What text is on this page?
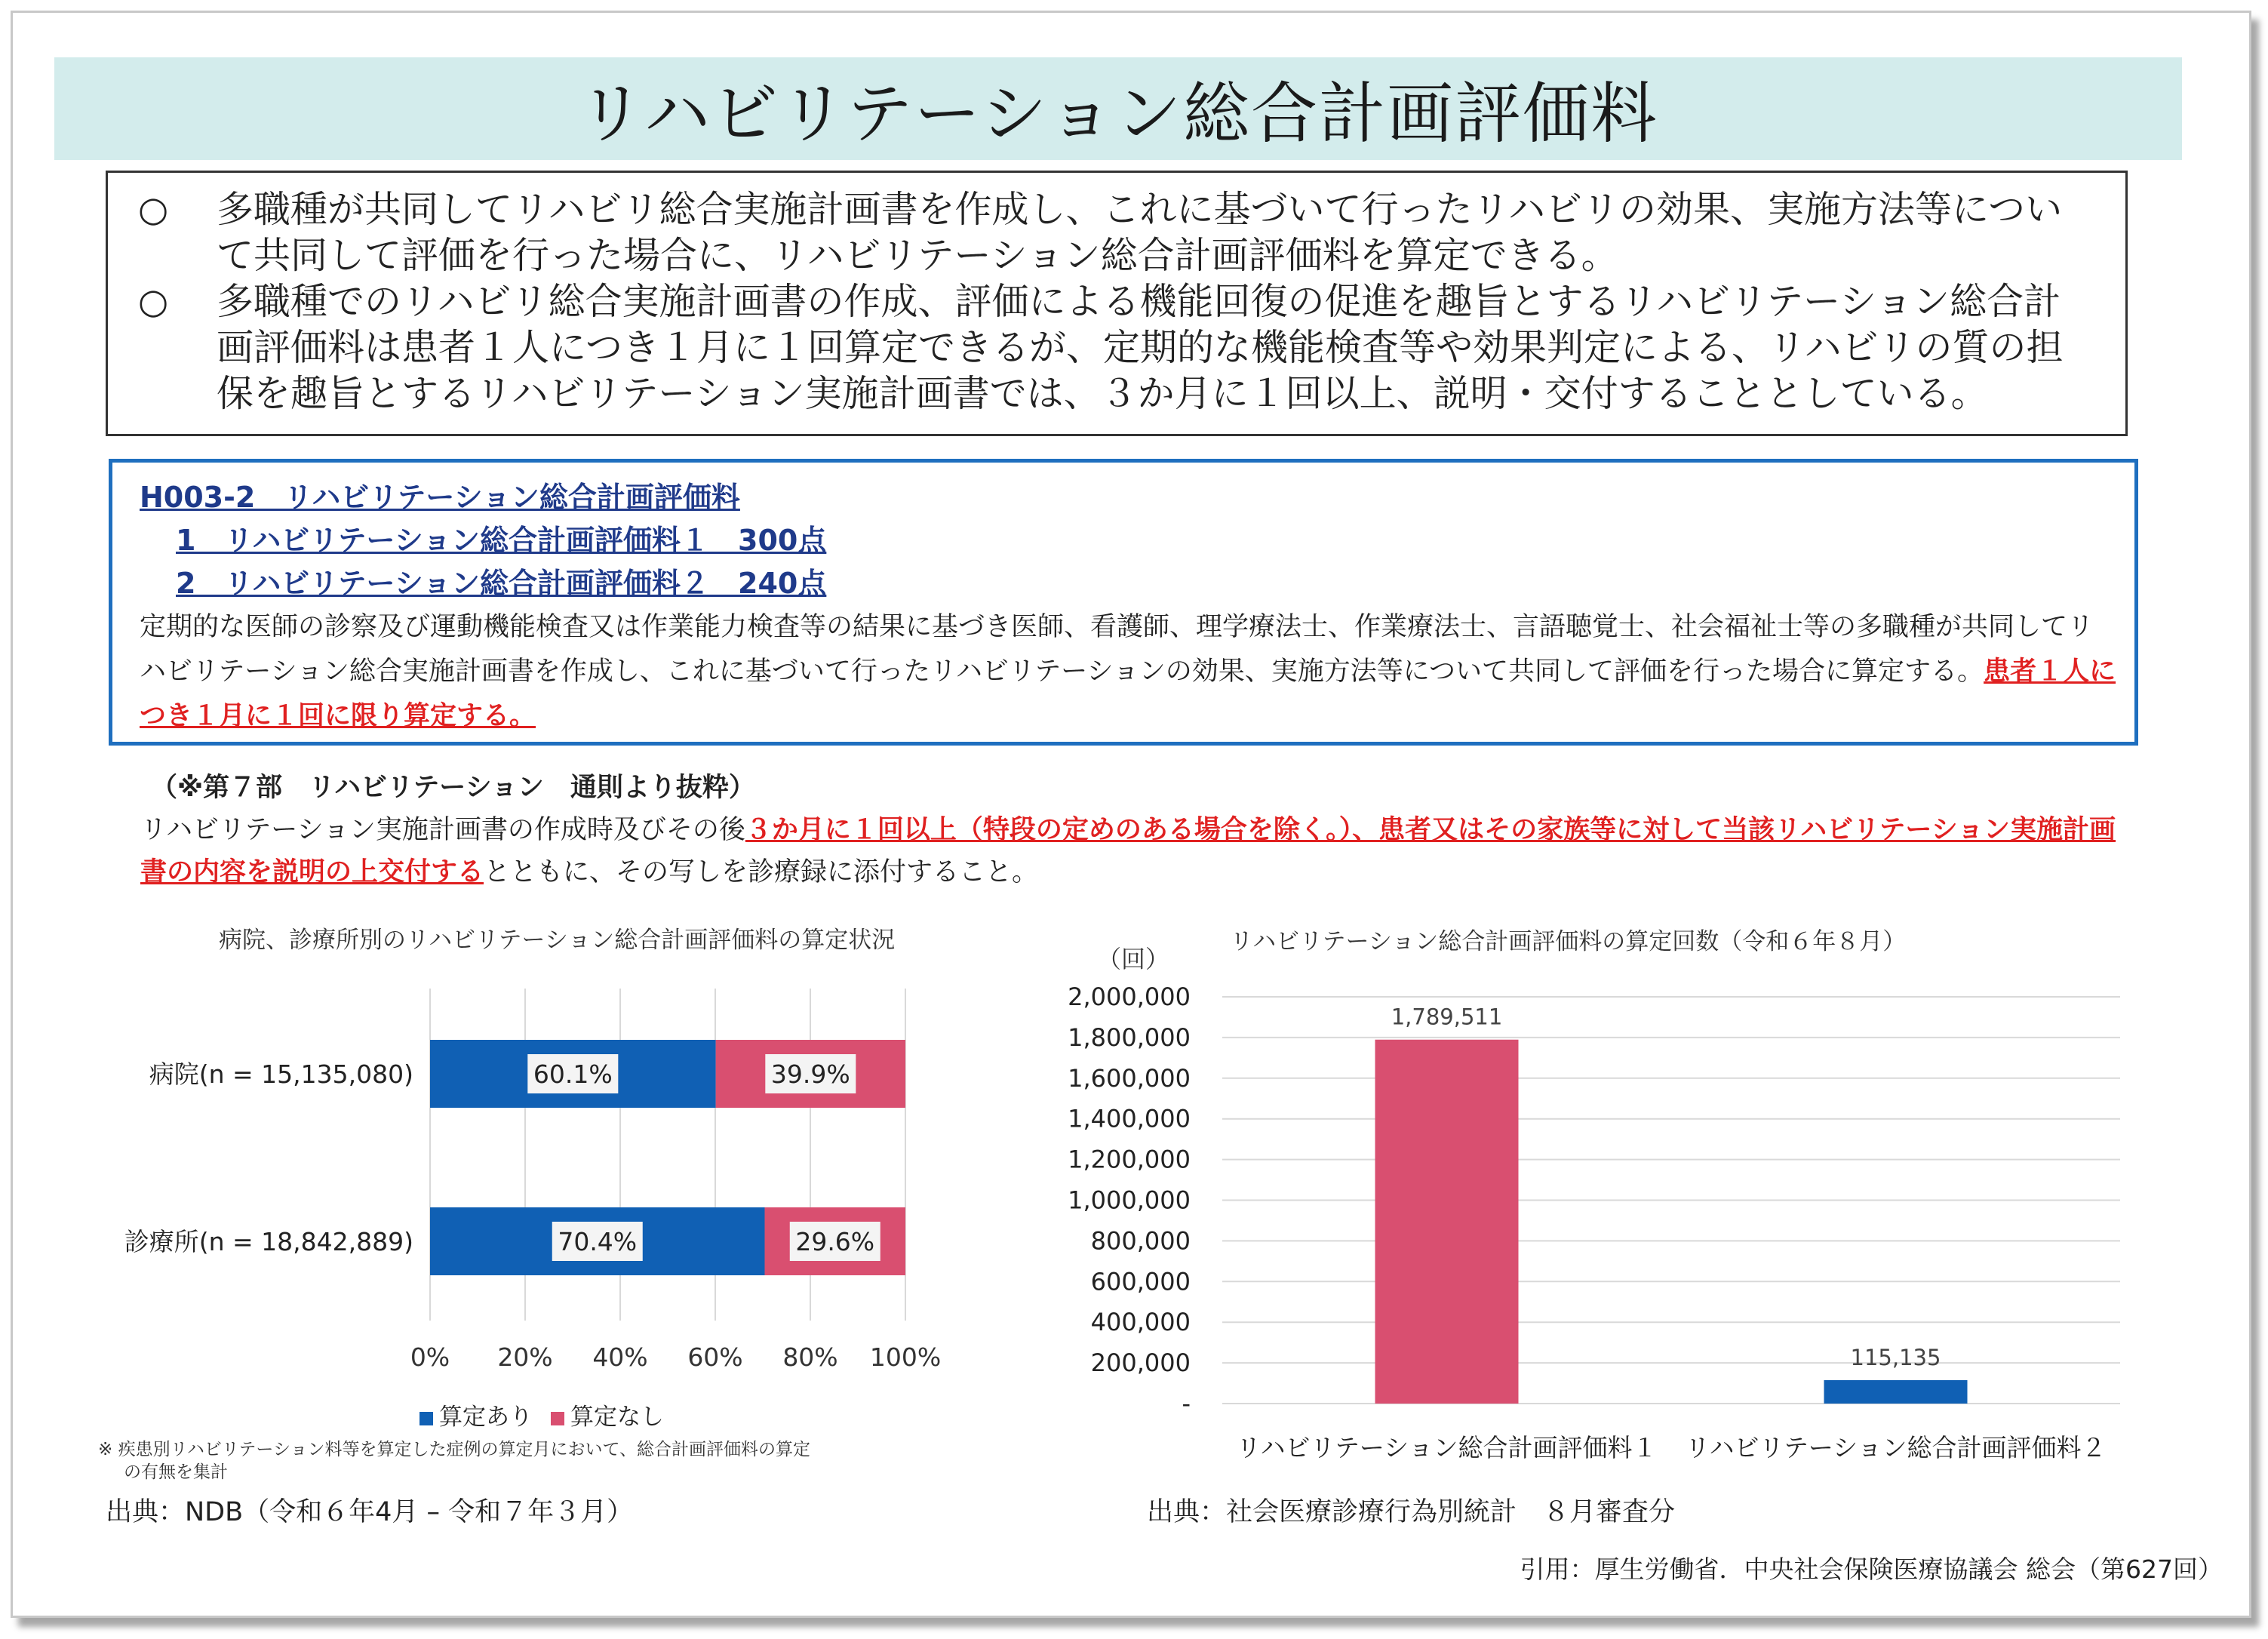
リハビリテーション総合計画評価料
○	多職種が共同してリハビリ総合実施計画書を作成し、これに基づいて行ったリハビリの効果、実施方法等について共同して評価を行った場合に、リハビリテーション総合計画評価料を算定できる。
○	多職種でのリハビリ総合実施計画書の作成、評価による機能回復の促進を趣旨とするリハビリテーション総合計画評価料は患者１人につき１月に１回算定できるが、定期的な機能検査等や効果判定による、リハビリの質の担保を趣旨とするリハビリテーション実施計画書では、３か月に１回以上、説明・交付することとしている。
H003-2　リハビリテーション総合計画評価料
1　リハビリテーション総合計画評価料１　300点
2　リハビリテーション総合計画評価料２　240点
定期的な医師の診察及び運動機能検査又は作業能力検査等の結果に基づき医師、看護師、理学療法士、作業療法士、言語聴覚士、社会福祉士等の多職種が共同してリハビリテーション総合実施計画書を作成し、これに基づいて行ったリハビリテーションの効果、実施方法等について共同して評価を行った場合に算定する。患者１人につき１月に１回に限り算定する。
（※第７部　リハビリテーション　通則より抜粋）
リハビリテーション実施計画書の作成時及びその後３か月に１回以上（特段の定めのある場合を除く。）、患者又はその家族等に対して当該リハビリテーション実施計画書の内容を説明の上交付するとともに、その写しを診療録に添付すること。
病院、診療所別のリハビリテーション総合計画評価料の算定状況
0% 20% 40% 60% 80% 100%
病院(n = 15,135,080)	60.1%	39.9%
診療所(n = 18,842,889)	70.4%	29.6%
算定あり	算定なし
※ 疾患別リハビリテーション料等を算定した症例の算定月において、総合計画評価料の算定
の有無を集計
出典：NDB（令和６年4月 – 令和７年３月）
リハビリテーション総合計画評価料の算定回数（令和６年８月）
（回）
-
200,000
400,000
600,000
800,000
1,000,000
1,200,000
1,400,000
1,600,000
1,800,000
2,000,000
1,789,511
リハビリテーション総合計画評価料１
115,135
リハビリテーション総合計画評価料２
出典：社会医療診療行為別統計　８月審査分
引用：厚生労働省．中央社会保険医療協議会 総会（第627回）
